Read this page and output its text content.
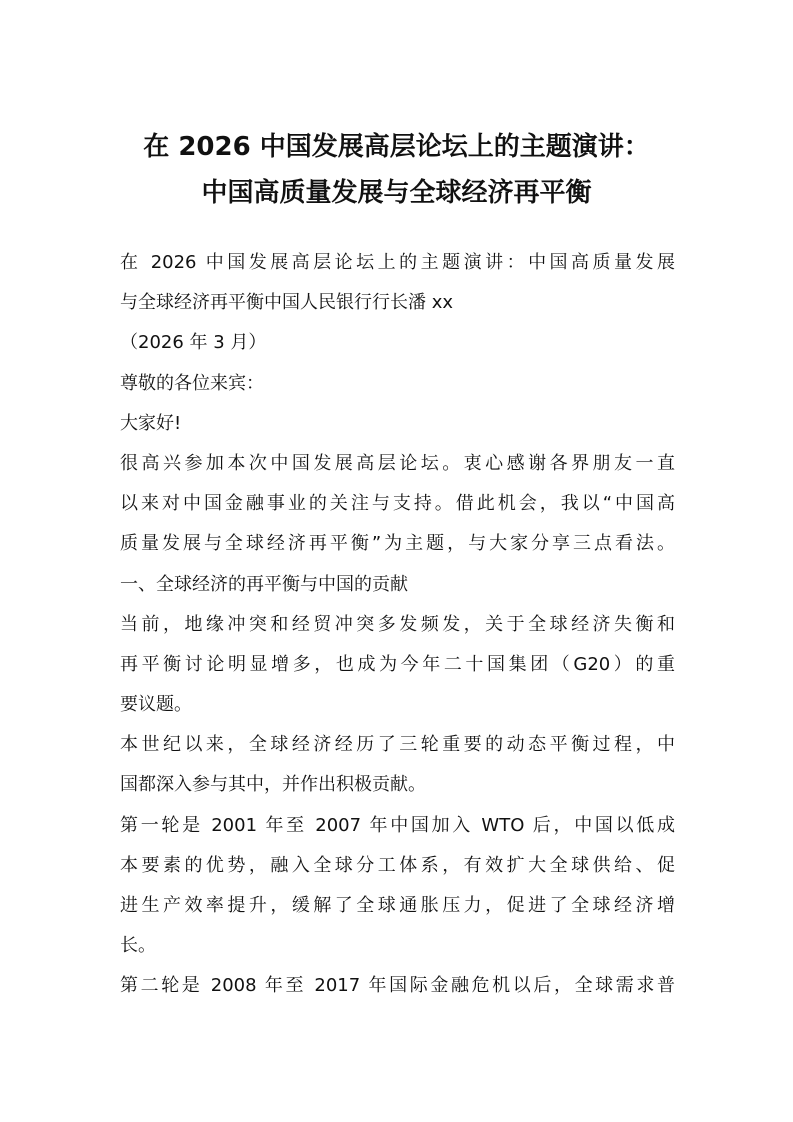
在 2026 中国发展高层论坛上的主题演讲：
中国高质量发展与全球经济再平衡
在 2026 中国发展高层论坛上的主题演讲：中国高质量发展
与全球经济再平衡中国人民银行行长潘 xx
（2026 年 3 月）
尊敬的各位来宾：
大家好!
很高兴参加本次中国发展高层论坛。衷心感谢各界朋友一直
以来对中国金融事业的关注与支持。借此机会，我以“中国高
质量发展与全球经济再平衡”为主题，与大家分享三点看法。
一、全球经济的再平衡与中国的贡献
当前，地缘冲突和经贸冲突多发频发，关于全球经济失衡和
再平衡讨论明显增多，也成为今年二十国集团（G20）的重
要议题。
本世纪以来，全球经济经历了三轮重要的动态平衡过程，中
国都深入参与其中，并作出积极贡献。
第一轮是 2001 年至 2007 年中国加入 WTO 后，中国以低成
本要素的优势，融入全球分工体系，有效扩大全球供给、促
进生产效率提升，缓解了全球通胀压力，促进了全球经济增
长。
第二轮是 2008 年至 2017 年国际金融危机以后，全球需求普
